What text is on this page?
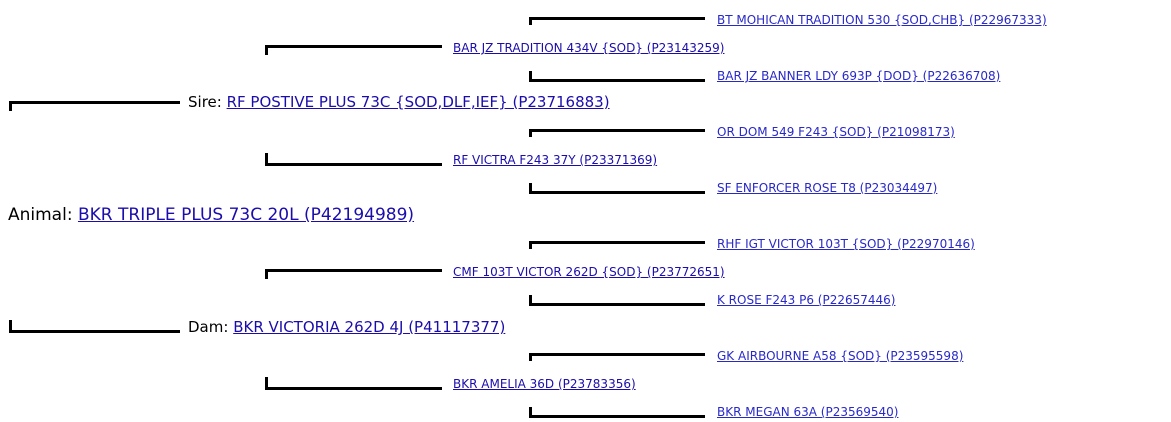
BT MOHICAN TRADITION 530 {SOD,CHB} (P22967333)
BAR JZ BANNER LDY 693P {DOD} (P22636708)
OR DOM 549 F243 {SOD} (P21098173)
SF ENFORCER ROSE T8 (P23034497)
RHF IGT VICTOR 103T {SOD} (P22970146)
K ROSE F243 P6 (P22657446)
GK AIRBOURNE A58 {SOD} (P23595598)
BKR MEGAN 63A (P23569540)
BAR JZ TRADITION 434V {SOD} (P23143259)
RF VICTRA F243 37Y (P23371369)
CMF 103T VICTOR 262D {SOD} (P23772651)
BKR AMELIA 36D (P23783356)
Sire: RF POSTIVE PLUS 73C {SOD,DLF,IEF} (P23716883)
Dam: BKR VICTORIA 262D 4J (P41117377)
Animal: BKR TRIPLE PLUS 73C 20L (P42194989)
